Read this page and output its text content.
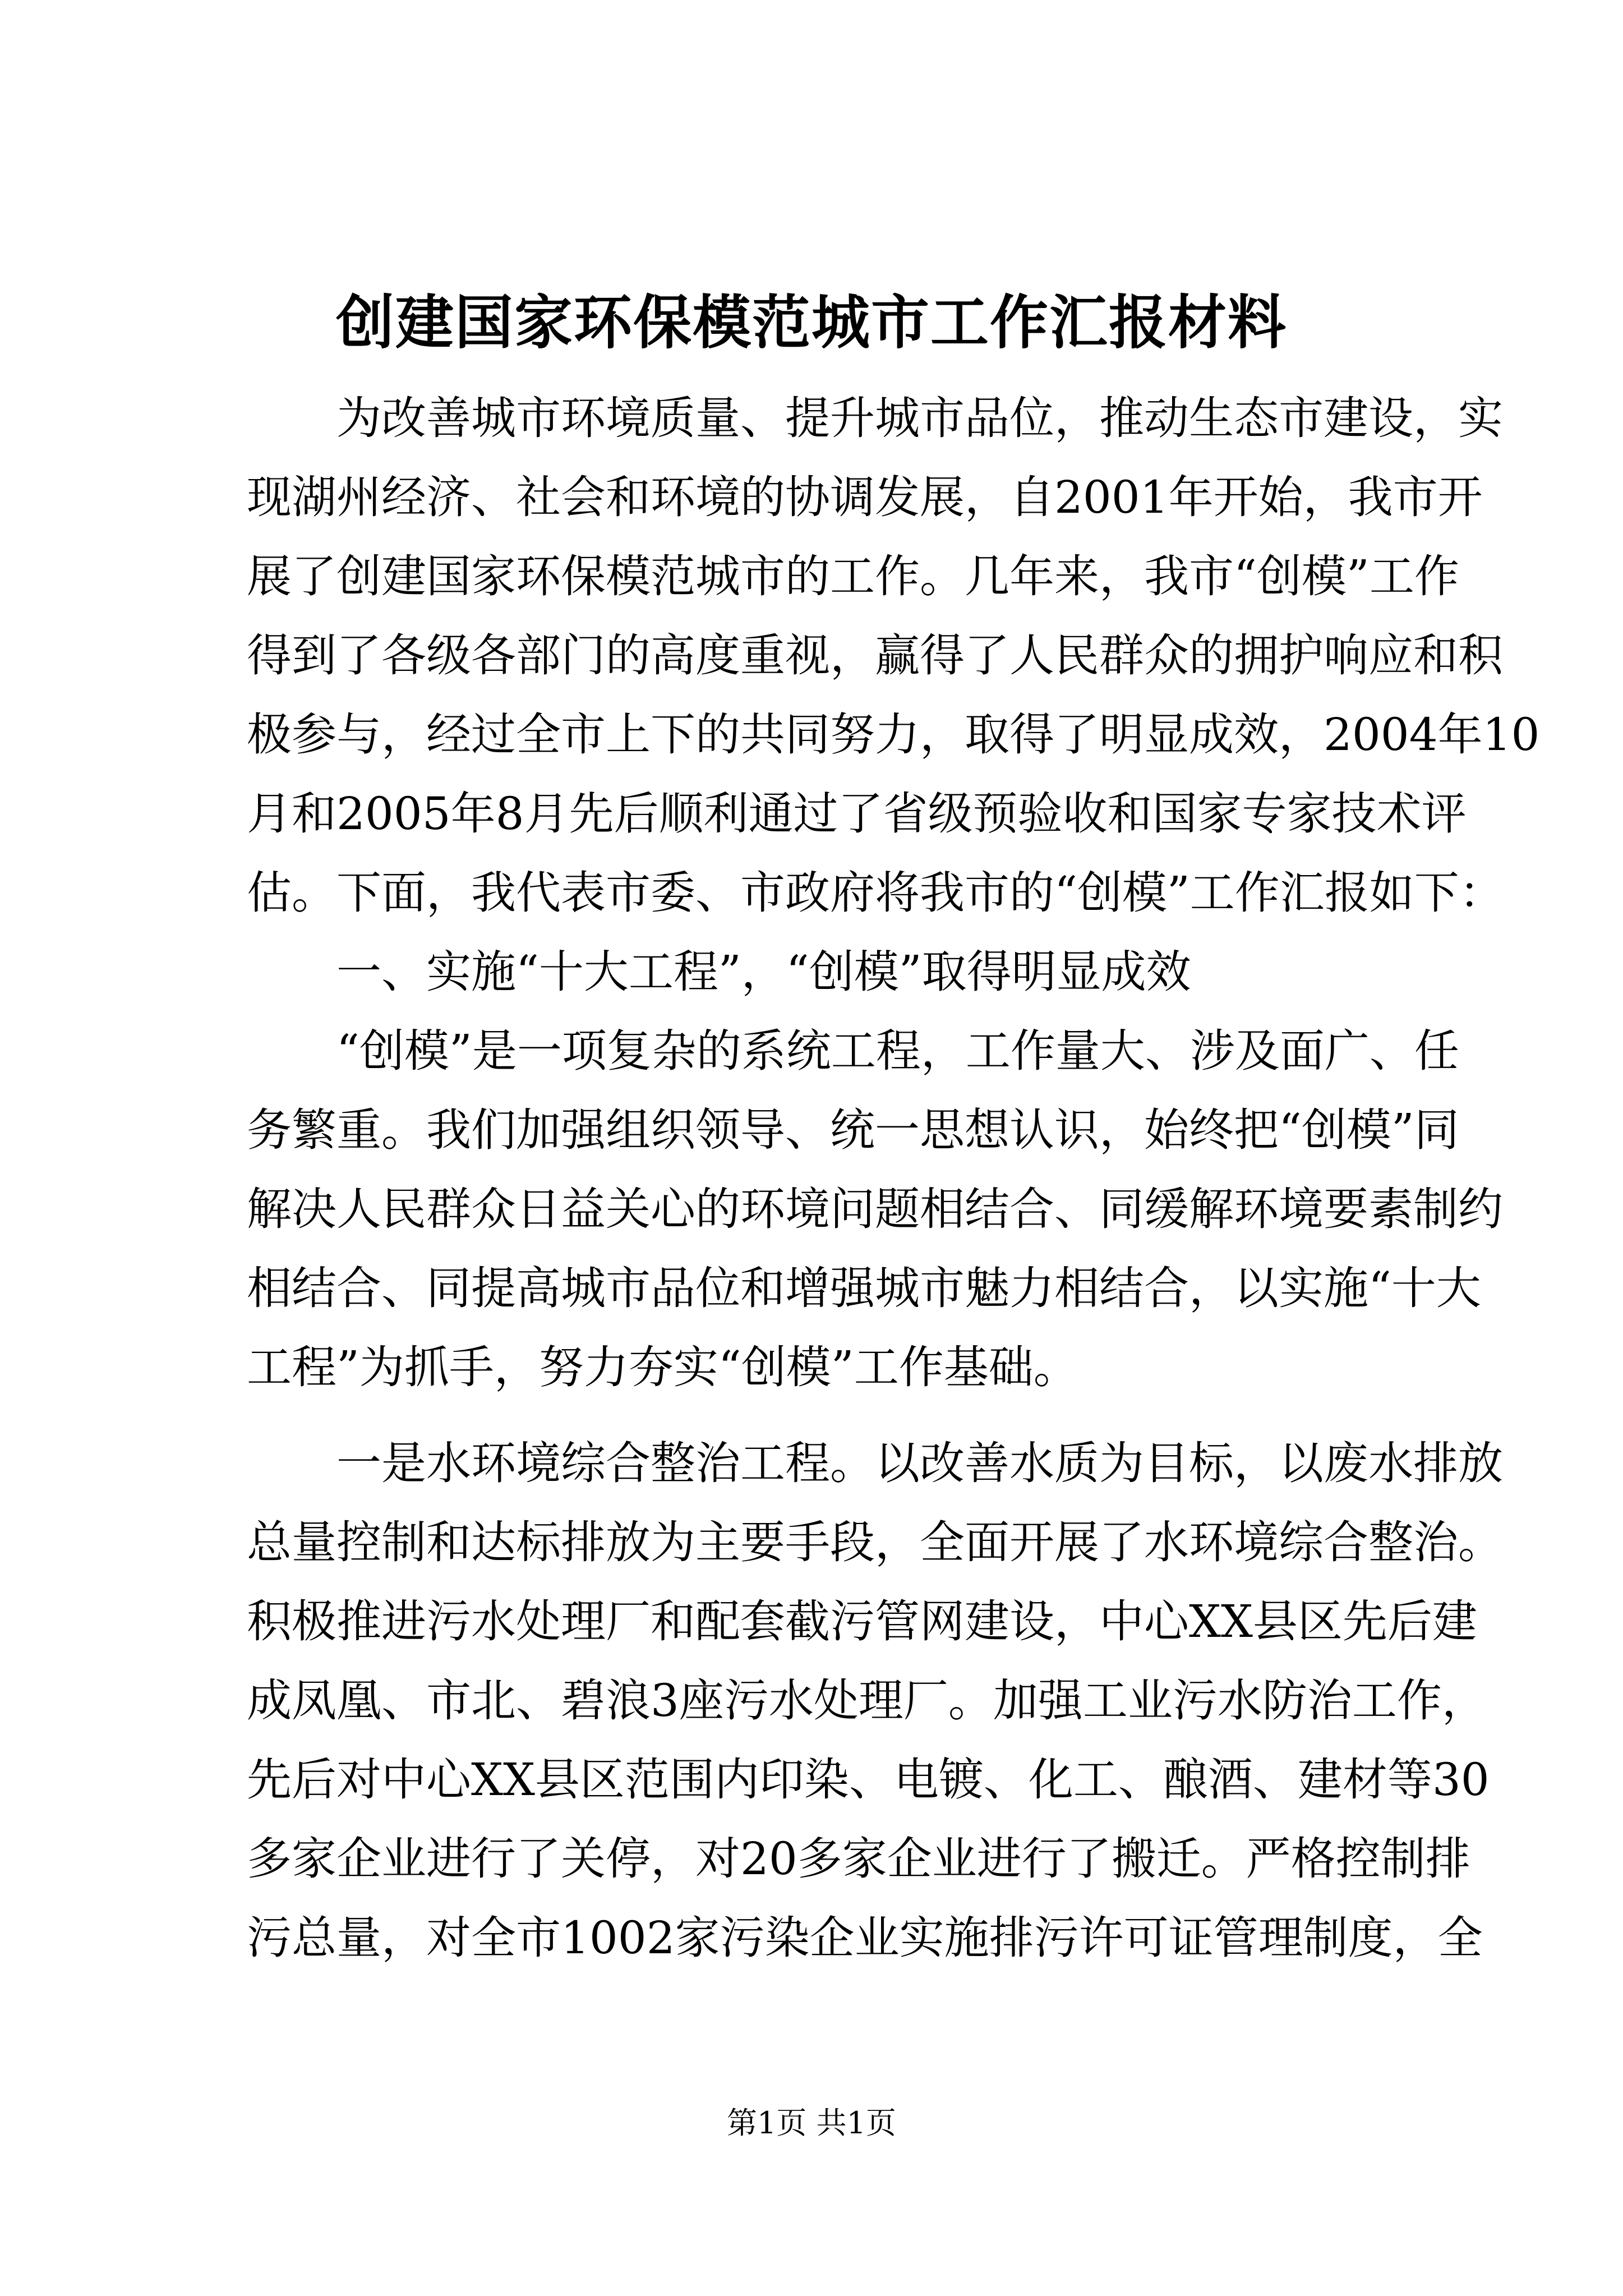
创建国家环保模范城市工作汇报材料
为 改 善 城 市 环 境 质 量 、 提 升 城 市 品 位 ， 推 动 生 态 市 建 设 ， 实
现 湖 州 经 济 、 社 会 和 环 境 的 协 调 发 展 ， 自 2001 年 开 始 ， 我 市 开
展 了 创 建 国 家 环 保 模 范 城 市 的 工 作 。 几 年 来 ， 我 市 “ 创 模 ” 工 作
得 到 了 各 级 各 部 门 的 高 度 重 视 ， 赢 得 了 人 民 群 众 的 拥 护 响 应 和 积
极 参 与 ， 经 过 全 市 上 下 的 共 同 努 力 ， 取 得 了 明 显 成 效 ， 2004 年 10
月 和 2005 年 8 月 先 后 顺 利 通 过 了 省 级 预 验 收 和 国 家 专 家 技 术 评
估。下面，我代表市委、市政府将我市的“创模”工作汇报如下：
一、实施“十大工程”，“创模”取得明显成效
“ 创 模 ” 是 一 项 复 杂 的 系 统 工 程 ， 工 作 量 大 、 涉 及 面 广 、 任
务 繁 重 。 我 们 加 强 组 织 领 导 、 统 一 思 想 认 识 ， 始 终 把 “ 创 模 ” 同
解 决 人 民 群 众 日 益 关 心 的 环 境 问 题 相 结 合 、 同 缓 解 环 境 要 素 制 约
相 结 合 、 同 提 高 城 市 品 位 和 增 强 城 市 魅 力 相 结 合 ， 以 实 施 “ 十 大
工程”为抓手，努力夯实“创模”工作基础。
一 是 水 环 境 综 合 整 治 工 程 。 以 改 善 水 质 为 目 标 ， 以 废 水 排 放
总 量 控 制 和 达 标 排 放 为 主 要 手 段 ， 全 面 开 展 了 水 环 境 综 合 整 治 。
积 极 推 进 污 水 处 理 厂 和 配 套 截 污 管 网 建 设 ， 中 心 XX 县 区 先 后 建
成 凤 凰 、 市 北 、 碧 浪 3 座 污 水 处 理 厂 。 加 强 工 业 污 水 防 治 工 作 ，
先 后 对 中 心 XX 县 区 范 围 内 印 染 、 电 镀 、 化 工 、 酿 酒 、 建 材 等 30
多 家 企 业 进 行 了 关 停 ， 对 20 多 家 企 业 进 行 了 搬 迁 。 严 格 控 制 排
污 总 量 ， 对 全 市 1002 家 污 染 企 业 实 施 排 污 许 可 证 管 理 制 度 ， 全
第1页 共1页
